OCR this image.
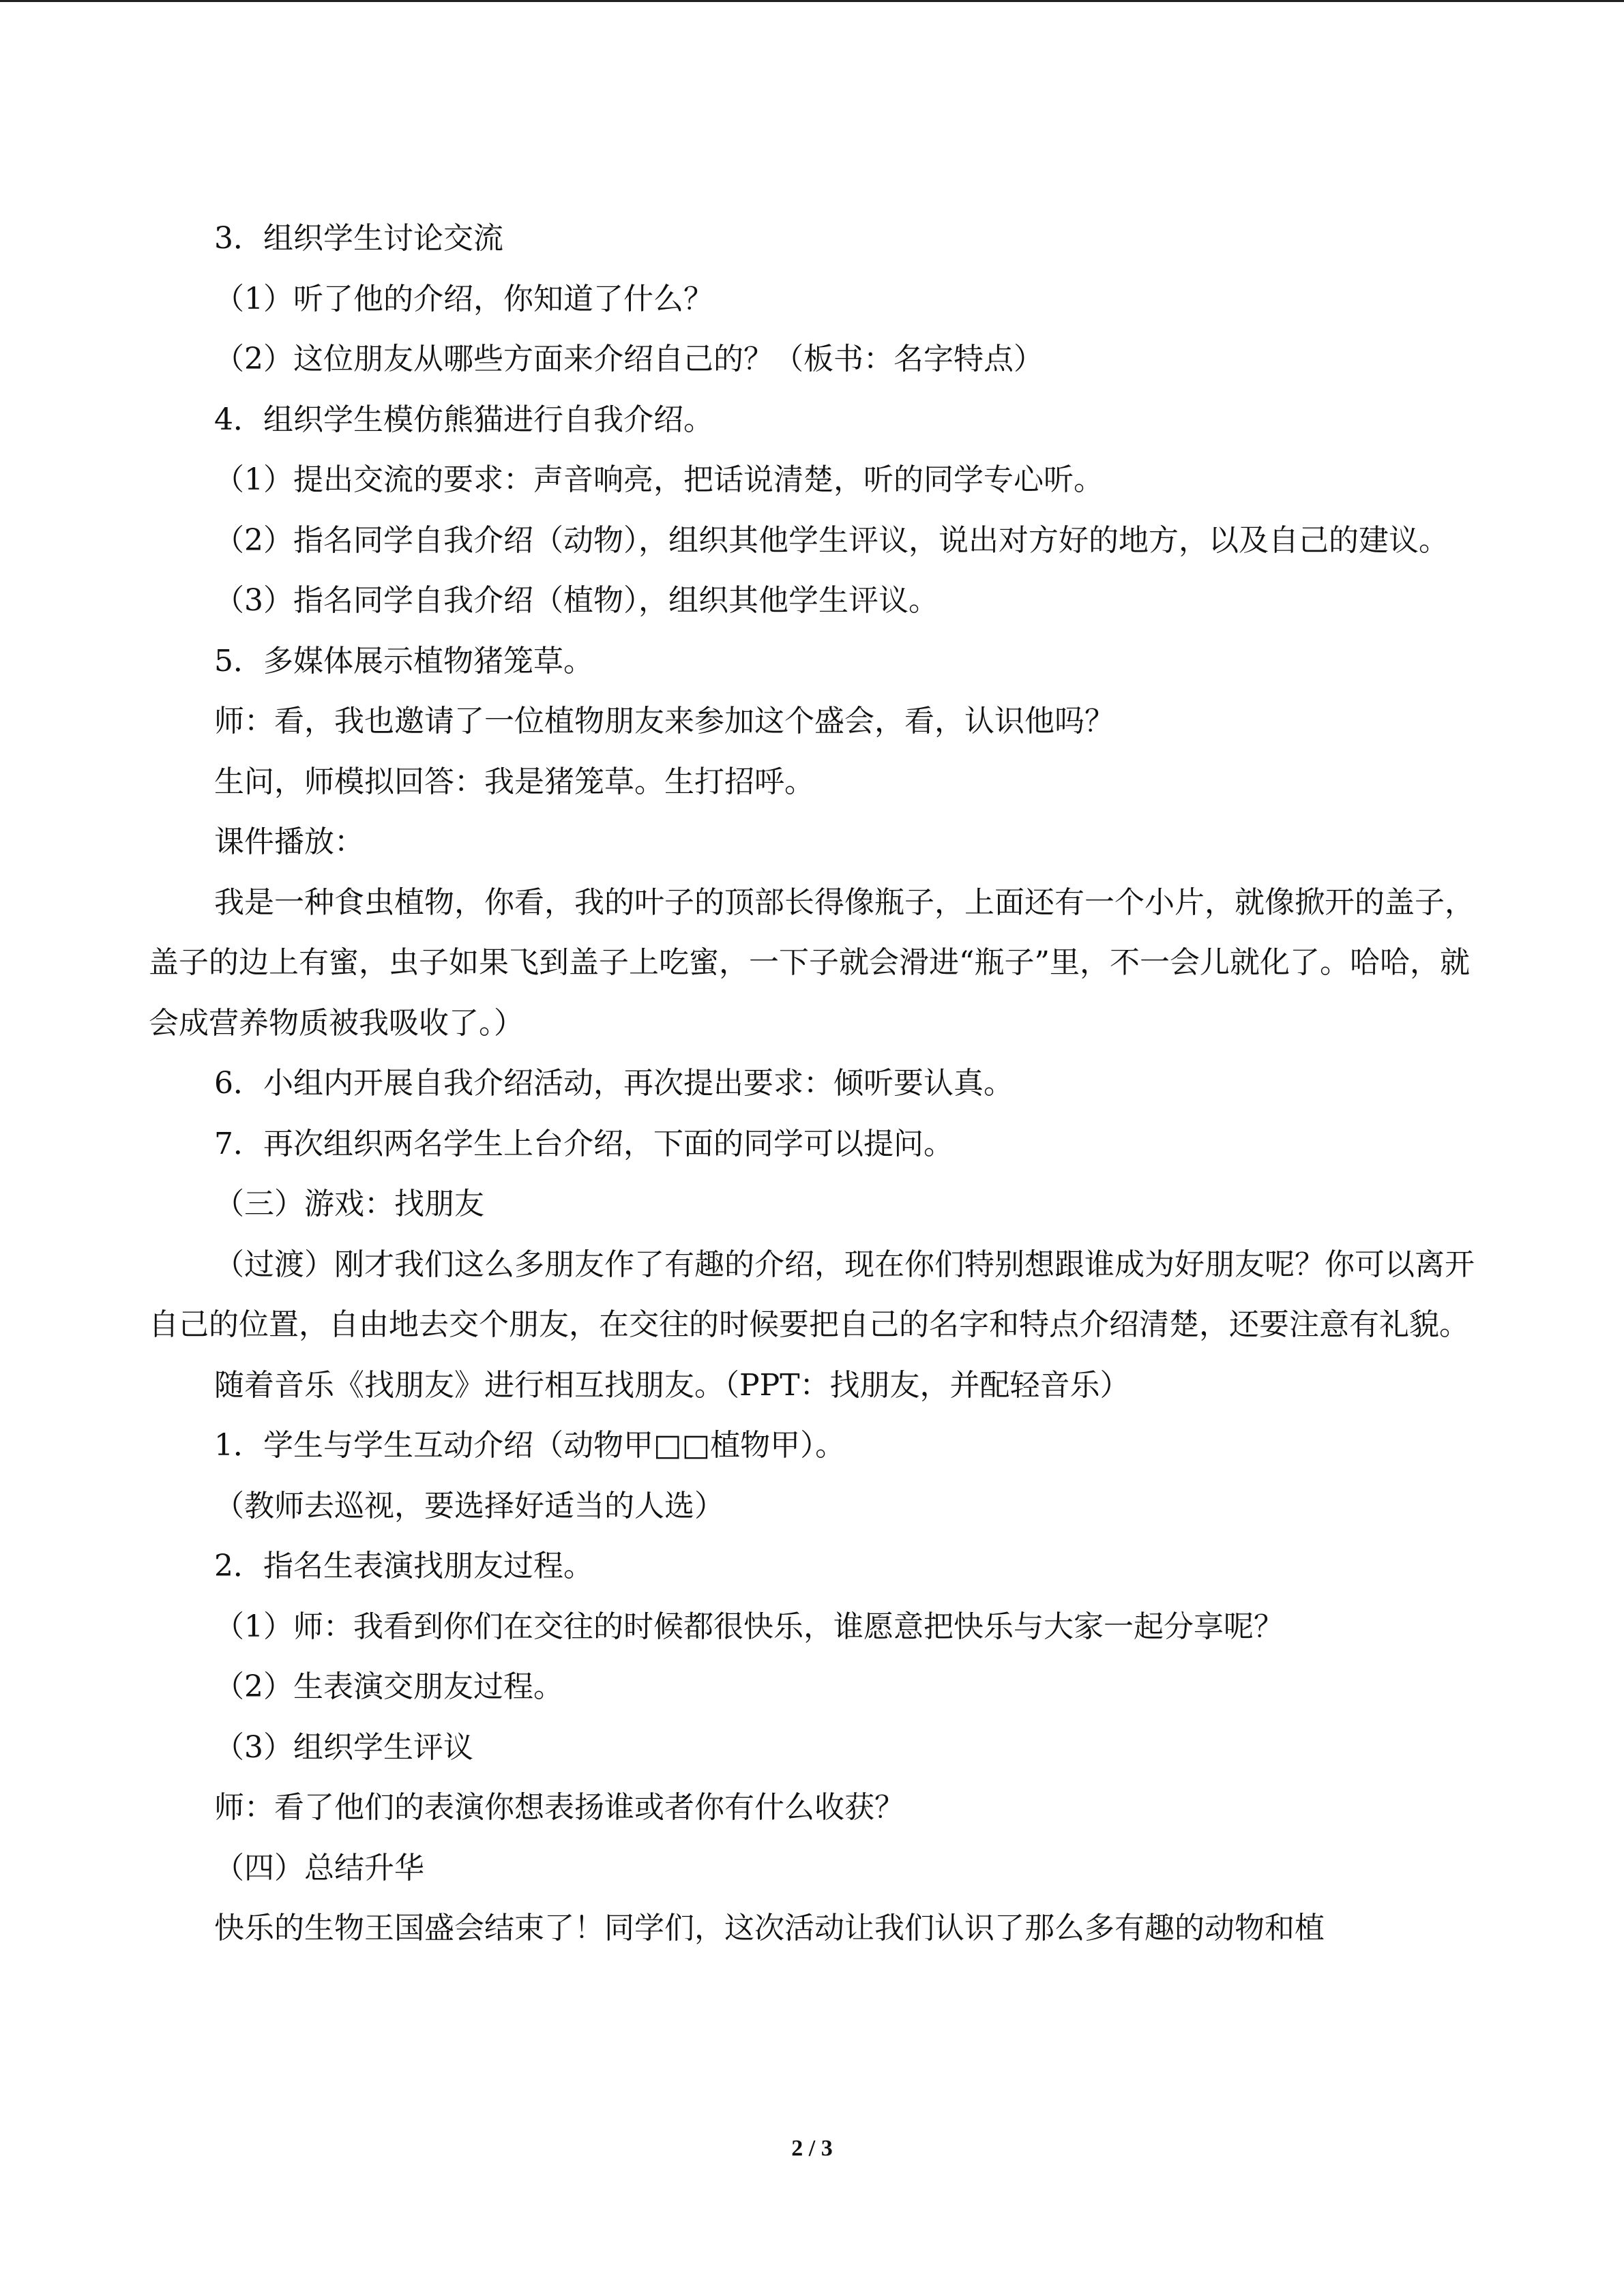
3．组织学生讨论交流

（1）听了他的介绍，你知道了什么？

（2）这位朋友从哪些方面来介绍自己的？（板书：名字特点）

4．组织学生模仿熊猫进行自我介绍。

（1）提出交流的要求：声音响亮，把话说清楚，听的同学专心听。

（2）指名同学自我介绍（动物），组织其他学生评议，说出对方好的地方，以及自己的建议。

（3）指名同学自我介绍（植物），组织其他学生评议。

5．多媒体展示植物猪笼草。

师：看，我也邀请了一位植物朋友来参加这个盛会，看，认识他吗？

生问，师模拟回答：我是猪笼草。生打招呼。

课件播放：

我是一种食虫植物，你看，我的叶子的顶部长得像瓶子，上面还有一个小片，就像掀开的盖子，盖子的边上有蜜，虫子如果飞到盖子上吃蜜，一下子就会滑进“瓶子”里，不一会儿就化了。哈哈，就会成营养物质被我吸收了。）

6．小组内开展自我介绍活动，再次提出要求：倾听要认真。

7．再次组织两名学生上台介绍，下面的同学可以提问。

（三）游戏：找朋友

（过渡）刚才我们这么多朋友作了有趣的介绍，现在你们特别想跟谁成为好朋友呢？你可以离开自己的位置，自由地去交个朋友，在交往的时候要把自己的名字和特点介绍清楚，还要注意有礼貌。

随着音乐《找朋友》进行相互找朋友。（PPT：找朋友，并配轻音乐）

1．学生与学生互动介绍（动物甲□□植物甲）。

（教师去巡视，要选择好适当的人选）

2．指名生表演找朋友过程。

（1）师：我看到你们在交往的时候都很快乐，谁愿意把快乐与大家一起分享呢？

（2）生表演交朋友过程。

（3）组织学生评议

师：看了他们的表演你想表扬谁或者你有什么收获？

（四）总结升华

快乐的生物王国盛会结束了！同学们，这次活动让我们认识了那么多有趣的动物和植

2 / 3
